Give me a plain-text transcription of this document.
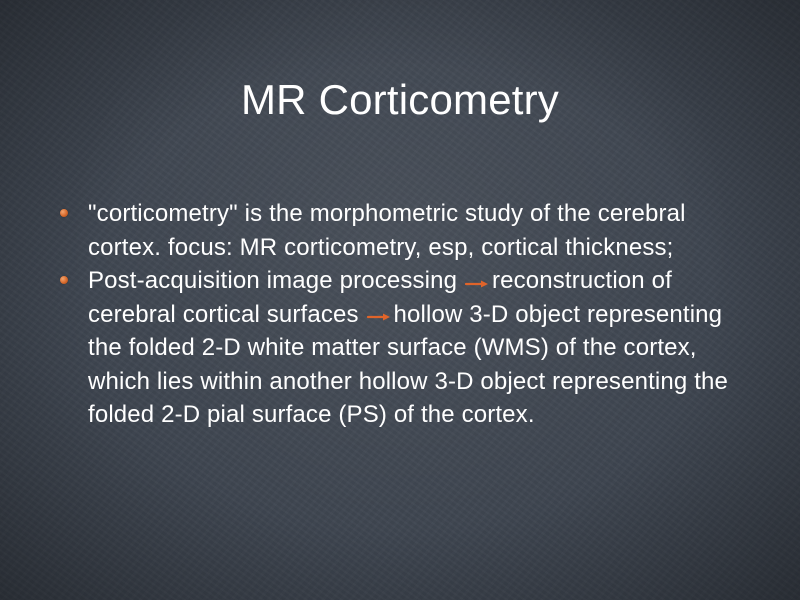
MR Corticometry
"corticometry" is the morphometric study of the cerebral cortex. focus: MR corticometry, esp, cortical thickness;
Post-acquisition image processing reconstruction of cerebral cortical surfaces hollow 3-D object representing the folded 2-D white matter surface (WMS) of the cortex, which lies within another hollow 3-D object representing the folded 2-D pial surface (PS) of the cortex.
